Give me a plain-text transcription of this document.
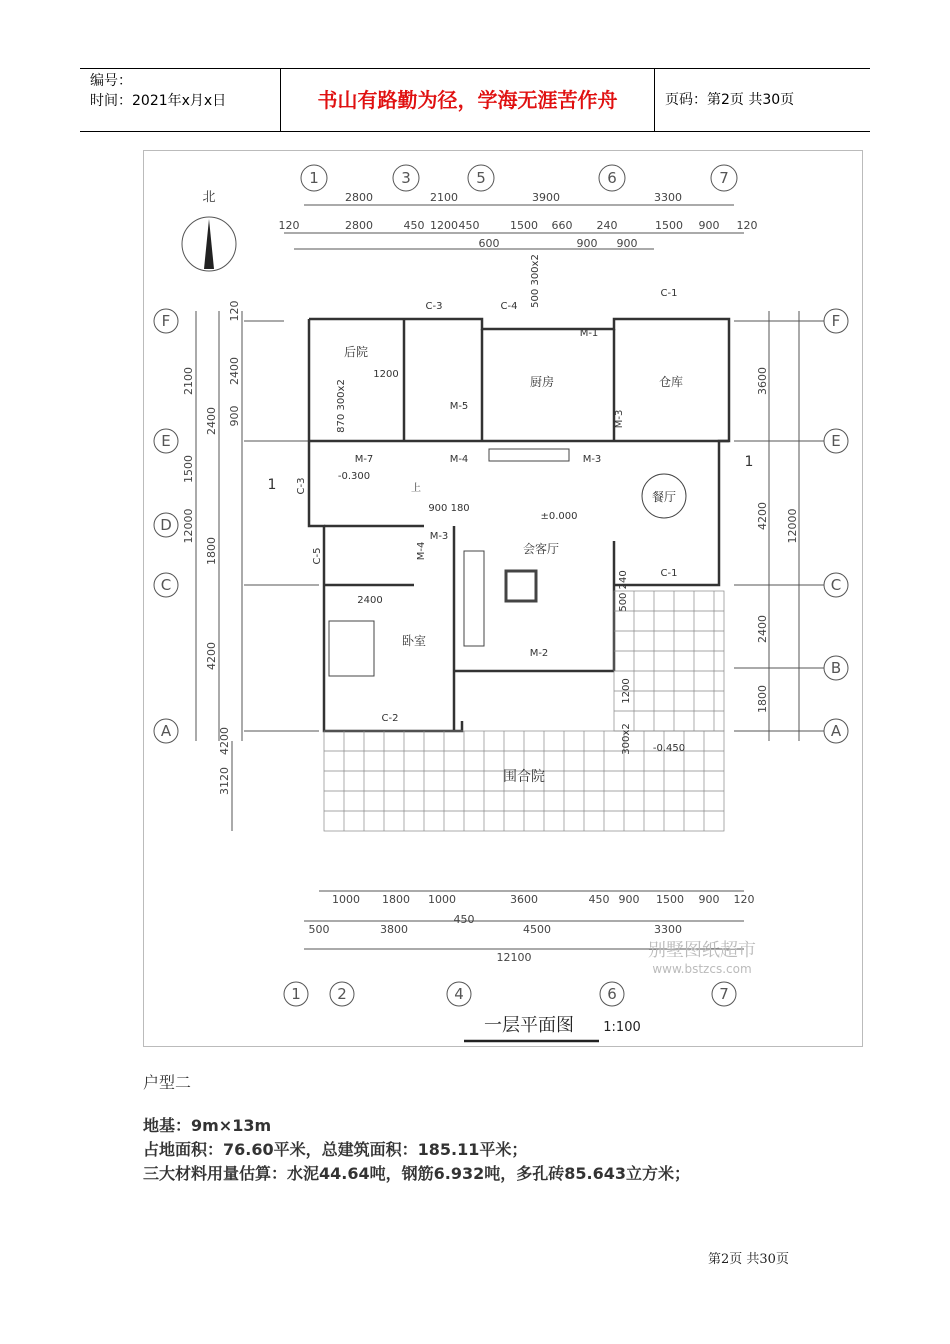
编号：
时间：2021年x月x日	书山有路勤为径，学海无涯苦作舟	页码：第2页 共30页
2800	2100	3900	3300
120	2800	450 1200 450	1500 660 240	1500 900 120
600	900 900
1000 1800 1000	3600	450 900 1500 900 120
500	3800
450
4500	3300
12100	别墅图纸超市
www.bstzcs.com
2100
1500
2400
1800
4200
12000
120
2400
900
4200
3120
3600
4200
2400
1800
12000
1	3	5	6	7
1 2	4	6	7
F
E
D
C
A
F
E
C
B
A
北
后院
厨房	仓库
餐厅
会客厅
卧室
围合院
C-3	C-4
C-1
M-1
M-5
M-3
M-7	M-4	M-3
C-3
C-5	M-4
M-3
C-1
M-2
C-2
-0.300
±0.000
-0.450
上
1200
900 180
2400
870 300x2
500 300x2
500 240
1200
300x2
1
1
一层平面图 1:100
户型二
地基：9m×13m
占地面积：76.60平米，总建筑面积：185.11平米；
三大材料用量估算：水泥44.64吨，钢筋6.932吨，多孔砖85.643立方米；
第2页 共30页
